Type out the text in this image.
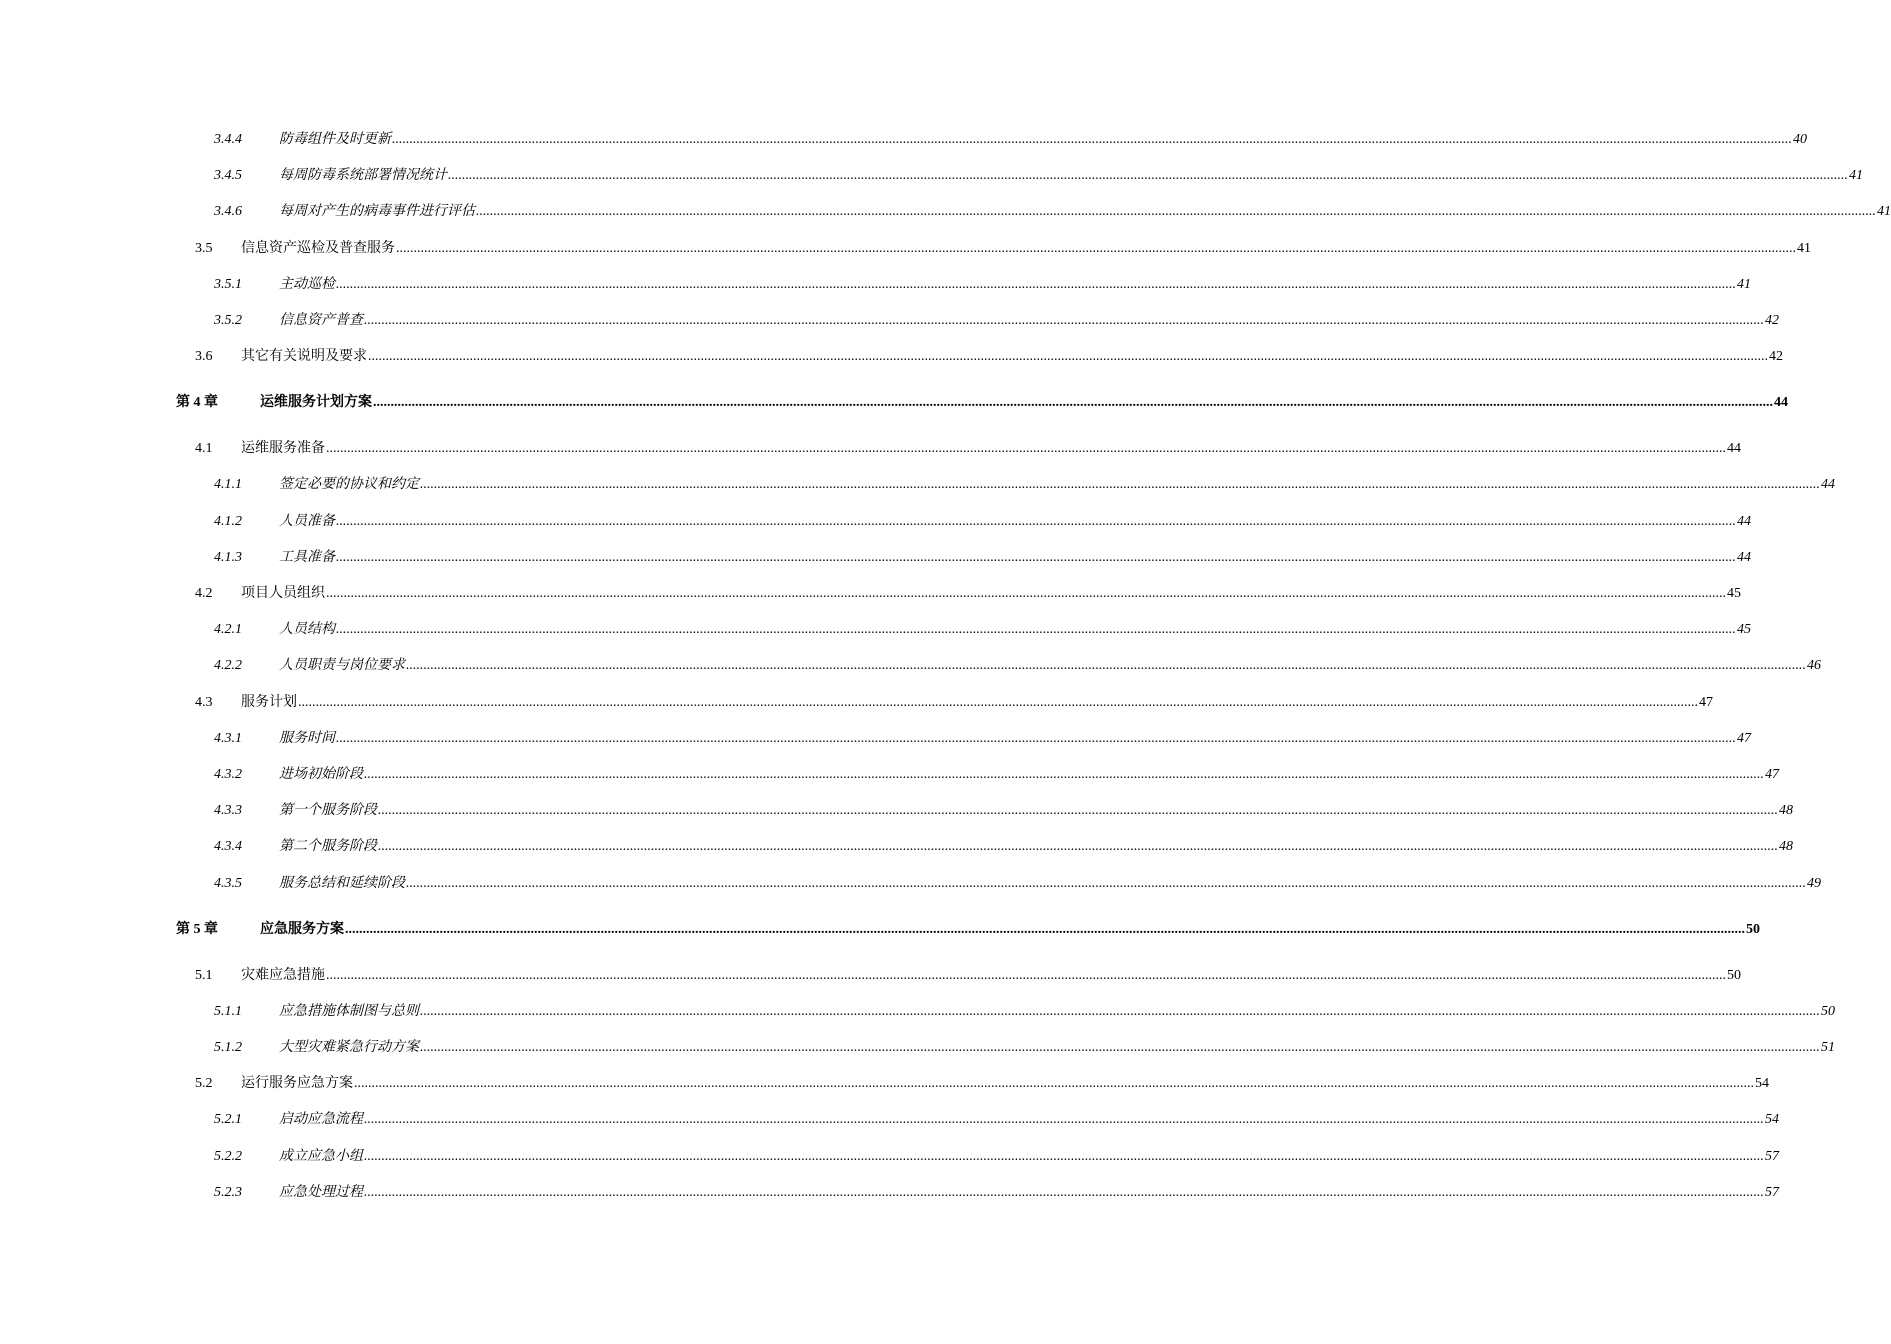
3.4.4	防毒组件及时更新 ................................................................................................................................................................................................................................................................................................................................................................................................................ 40
3.4.5	每周防毒系统部署情况统计 ................................................................................................................................................................................................................................................................................................................................................................................................................ 41
3.4.6	每周对产生的病毒事件进行评估 ................................................................................................................................................................................................................................................................................................................................................................................................................ 41
3.5	信息资产巡检及普查服务 ................................................................................................................................................................................................................................................................................................................................................................................................................ 41
3.5.1	主动巡检 ................................................................................................................................................................................................................................................................................................................................................................................................................ 41
3.5.2	信息资产普查 ................................................................................................................................................................................................................................................................................................................................................................................................................ 42
3.6	其它有关说明及要求 ................................................................................................................................................................................................................................................................................................................................................................................................................ 42
第 4 章	运维服务计划方案 ................................................................................................................................................................................................................................................................................................................................................................................................................ 44
4.1	运维服务准备 ................................................................................................................................................................................................................................................................................................................................................................................................................ 44
4.1.1	签定必要的协议和约定 ................................................................................................................................................................................................................................................................................................................................................................................................................ 44
4.1.2	人员准备 ................................................................................................................................................................................................................................................................................................................................................................................................................ 44
4.1.3	工具准备 ................................................................................................................................................................................................................................................................................................................................................................................................................ 44
4.2	项目人员组织 ................................................................................................................................................................................................................................................................................................................................................................................................................ 45
4.2.1	人员结构 ................................................................................................................................................................................................................................................................................................................................................................................................................ 45
4.2.2	人员职责与岗位要求 ................................................................................................................................................................................................................................................................................................................................................................................................................ 46
4.3	服务计划 ................................................................................................................................................................................................................................................................................................................................................................................................................ 47
4.3.1	服务时间 ................................................................................................................................................................................................................................................................................................................................................................................................................ 47
4.3.2	进场初始阶段 ................................................................................................................................................................................................................................................................................................................................................................................................................ 47
4.3.3	第一个服务阶段 ................................................................................................................................................................................................................................................................................................................................................................................................................ 48
4.3.4	第二个服务阶段 ................................................................................................................................................................................................................................................................................................................................................................................................................ 48
4.3.5	服务总结和延续阶段 ................................................................................................................................................................................................................................................................................................................................................................................................................ 49
第 5 章	应急服务方案 ................................................................................................................................................................................................................................................................................................................................................................................................................ 50
5.1	灾难应急措施 ................................................................................................................................................................................................................................................................................................................................................................................................................ 50
5.1.1	应急措施体制图与总则 ................................................................................................................................................................................................................................................................................................................................................................................................................ 50
5.1.2	大型灾难紧急行动方案 ................................................................................................................................................................................................................................................................................................................................................................................................................ 51
5.2	运行服务应急方案 ................................................................................................................................................................................................................................................................................................................................................................................................................ 54
5.2.1	启动应急流程 ................................................................................................................................................................................................................................................................................................................................................................................................................ 54
5.2.2	成立应急小组 ................................................................................................................................................................................................................................................................................................................................................................................................................ 57
5.2.3	应急处理过程 ................................................................................................................................................................................................................................................................................................................................................................................................................ 57
